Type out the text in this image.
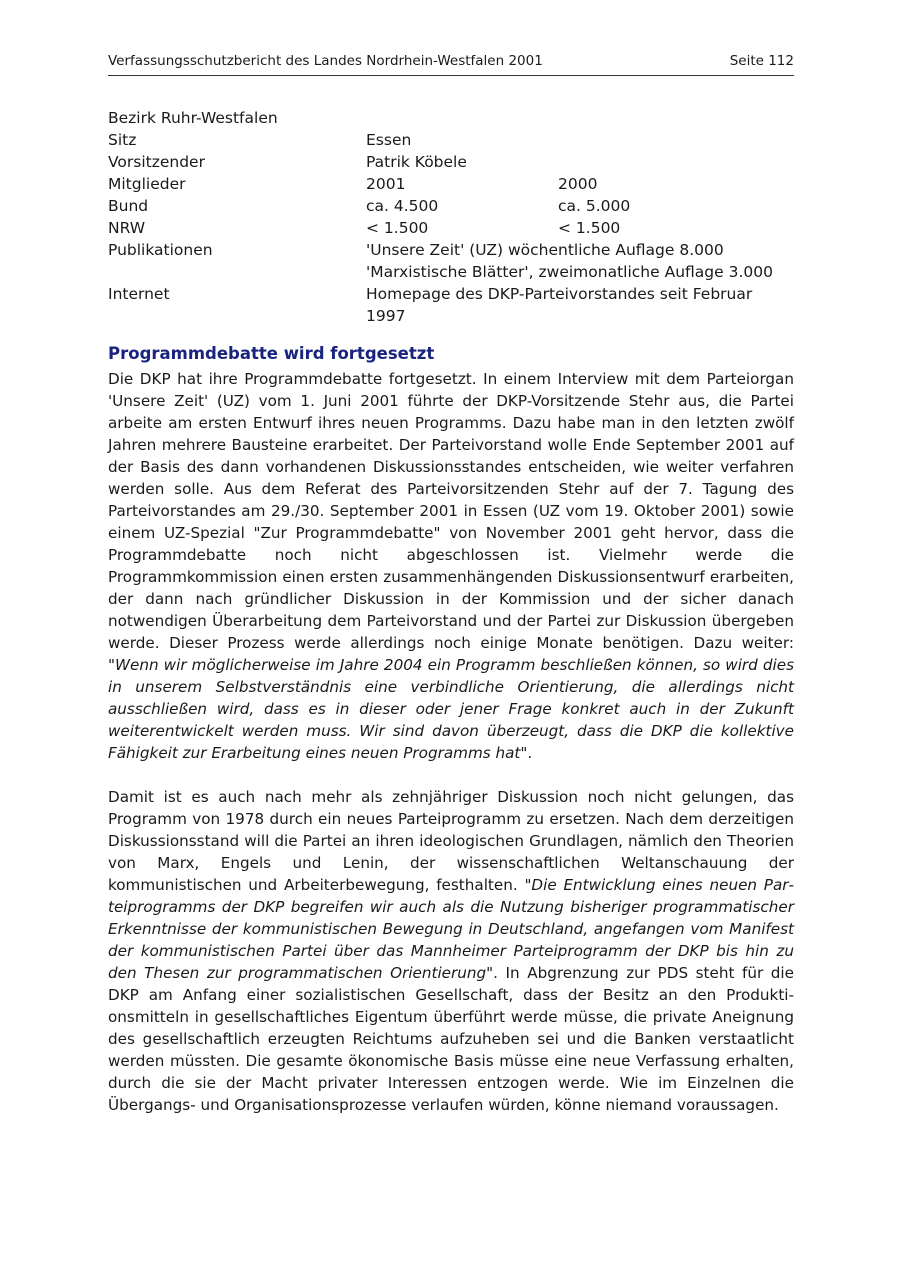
Verfassungsschutzbericht des Landes Nordrhein-Westfalen 2001	Seite 112
Bezirk Ruhr-Westfalen
Sitz	Essen
Vorsitzender	Patrik Köbele
Mitglieder	2001	2000
Bund	ca. 4.500	ca. 5.000
NRW	< 1.500	< 1.500
Publikationen	'Unsere Zeit' (UZ) wöchentliche Auflage 8.000
'Marxistische Blätter', zweimonatliche Auflage 3.000
Internet	Homepage des DKP-Parteivorstandes seit Februar 1997
Programmdebatte wird fortgesetzt

Die DKP hat ihre Programmdebatte fortgesetzt. In einem Interview mit dem Parteiorgan 'Unsere Zeit' (UZ) vom 1. Juni 2001 führte der DKP-Vorsitzende Stehr aus, die Partei arbeite am ersten Entwurf ihres neuen Programms. Dazu habe man in den letzten zwölf Jahren mehrere Bausteine erarbeitet. Der Parteivorstand wolle Ende September 2001 auf der Basis des dann vorhandenen Diskussionsstandes entscheiden, wie weiter verfahren werden solle. Aus dem Referat des Parteivorsitzenden Stehr auf der 7. Tagung des Parteivorstandes am 29./30. September 2001 in Essen (UZ vom 19. Oktober 2001) sowie einem UZ-Spezial "Zur Programmdebatte" von November 2001 geht hervor, dass die Programmdebatte noch nicht abgeschlossen ist. Vielmehr werde die Programmkommission einen ersten zusammenhängenden Diskussionsentwurf erarbeiten, der dann nach gründlicher Diskussion in der Kommission und der sicher danach notwendigen Überarbeitung dem Parteivorstand und der Partei zur Diskussion übergeben werde. Dieser Prozess werde allerdings noch einige Monate benötigen. Dazu weiter: "Wenn wir möglicherweise im Jahre 2004 ein Programm beschließen können, so wird dies in unserem Selbstverständnis eine verbindliche Orientierung, die allerdings nicht ausschließen wird, dass es in dieser oder jener Frage konkret auch in der Zukunft weiterentwickelt werden muss. Wir sind davon überzeugt, dass die DKP die kollektive Fähigkeit zur Erarbeitung eines neuen Programms hat".

Damit ist es auch nach mehr als zehnjähriger Diskussion noch nicht gelungen, das Programm von 1978 durch ein neues Parteiprogramm zu ersetzen. Nach dem derzeitigen Diskussionsstand will die Partei an ihren ideologischen Grundlagen, nämlich den Theorien von Marx, Engels und Lenin, der wissenschaftlichen Weltanschauung der kommunistischen und Arbeiterbewegung, festhalten. "Die Entwicklung eines neuen Parteiprogramms der DKP begreifen wir auch als die Nutzung bisheriger programmatischer Erkenntnisse der kommunistischen Bewegung in Deutschland, angefangen vom Manifest der kommunistischen Partei über das Mannheimer Parteiprogramm der DKP bis hin zu den Thesen zur programmatischen Orientierung". In Abgrenzung zur PDS steht für die DKP am Anfang einer sozialistischen Gesellschaft, dass der Besitz an den Produktionsmitteln in gesellschaftliches Eigentum überführt werde müsse, die private Aneignung des gesellschaftlich erzeugten Reichtums aufzuheben sei und die Banken verstaatlicht werden müssten. Die gesamte ökonomische Basis müsse eine neue Verfassung erhalten, durch die sie der Macht privater Interessen entzogen werde. Wie im Einzelnen die Übergangs- und Organisationsprozesse verlaufen würden, könne niemand voraussagen.
